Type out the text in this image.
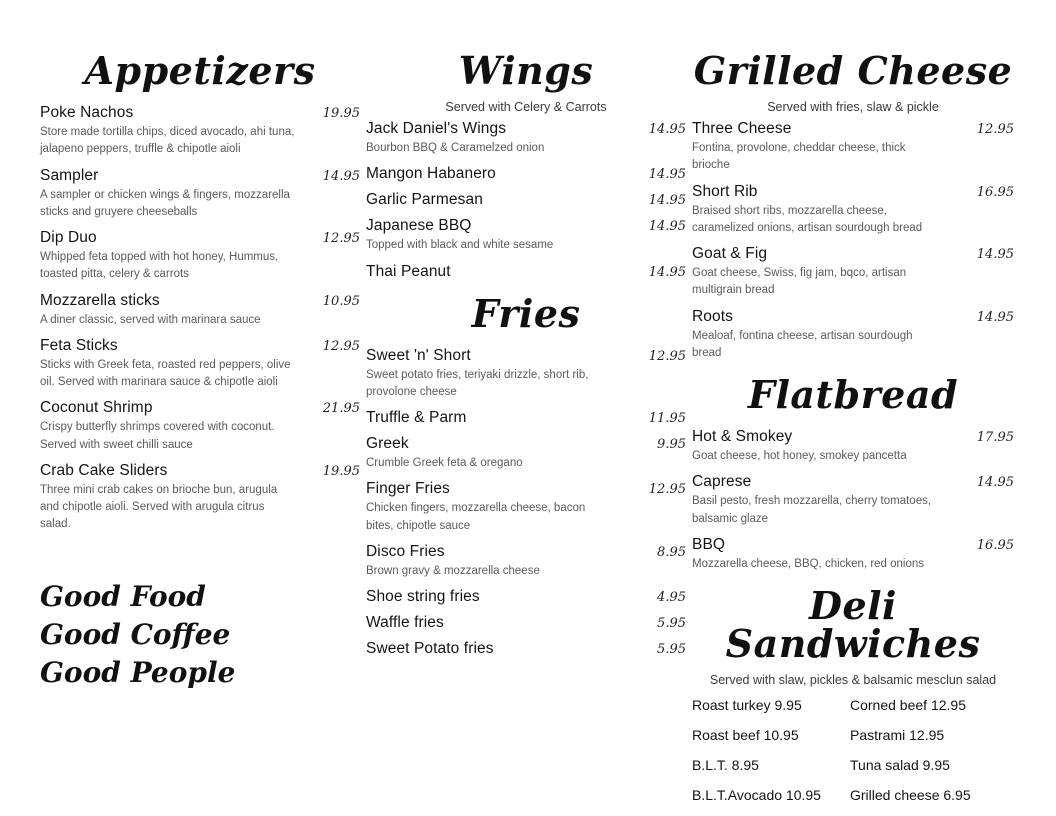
Appetizers
Poke Nachos	19.95
Store made tortilla chips, diced avocado, ahi tuna, jalapeno peppers, truffle & chipotle aioli
Sampler	14.95
A sampler or chicken wings & fingers, mozzarella sticks and gruyere cheeseballs
Dip Duo	12.95
Whipped feta topped with hot honey, Hummus, toasted pitta, celery & carrots
Mozzarella sticks	10.95
A diner classic, served with marinara sauce
Feta Sticks	12.95
Sticks with Greek feta, roasted red peppers, olive oil. Served with marinara sauce & chipotle aioli
Coconut Shrimp	21.95
Crispy butterfly shrimps covered with coconut. Served with sweet chilli sauce
Crab Cake Sliders	19.95
Three mini crab cakes on brioche bun, arugula and chipotle aioli. Served with arugula citrus salad.
Good Food
Good Coffee
Good People
Wings
Served with Celery & Carrots
Jack Daniel's Wings	14.95
Bourbon BBQ & Caramelzed onion
Mangon Habanero	14.95
Garlic Parmesan	14.95
Japanese BBQ	14.95
Topped with black and white sesame
Thai Peanut	14.95
Fries
Sweet 'n' Short	12.95
Sweet potato fries, teriyaki drizzle, short rib, provolone cheese
Truffle & Parm	11.95
Greek	9.95
Crumble Greek feta & oregano
Finger Fries	12.95
Chicken fingers, mozzarella cheese, bacon bites, chipotle sauce
Disco Fries	8.95
Brown gravy & mozzarella cheese
Shoe string fries	4.95
Waffle fries	5.95
Sweet Potato fries	5.95
Grilled Cheese
Served with fries, slaw & pickle
Three Cheese	12.95
Fontina, provolone, cheddar cheese, thick brioche
Short Rib	16.95
Braised short ribs, mozzarella cheese, caramelized onions, artisan sourdough bread
Goat & Fig	14.95
Goat cheese, Swiss, fig jam, bqco, artisan multigrain bread
Roots	14.95
Mealoaf, fontina cheese, artisan sourdough bread
Flatbread
Hot & Smokey	17.95
Goat cheese, hot honey, smokey pancetta
Caprese	14.95
Basil pesto, fresh mozzarella, cherry tomatoes, balsamic glaze
BBQ	16.95
Mozzarella cheese, BBQ, chicken, red onions
Deli Sandwiches
Served with slaw, pickles & balsamic mesclun salad
Roast turkey 9.95	Corned beef 12.95
Roast beef 10.95	Pastrami 12.95
B.L.T. 8.95	Tuna salad 9.95
B.L.T.Avocado 10.95	Grilled cheese 6.95
